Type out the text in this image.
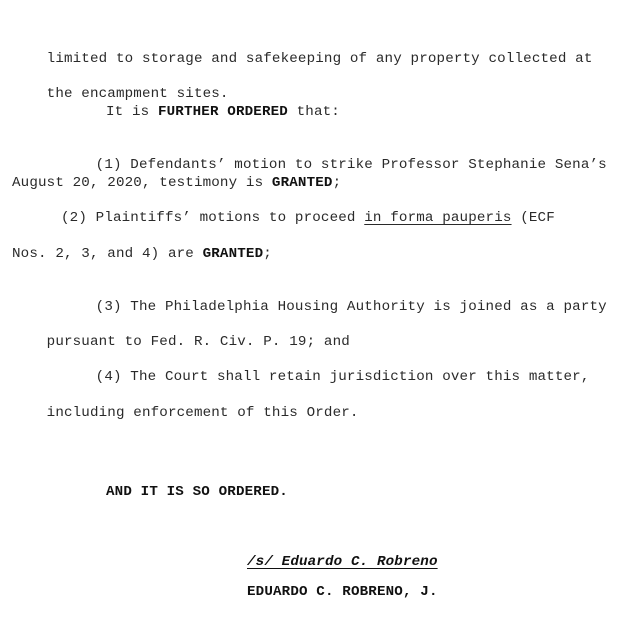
limited to storage and safekeeping of any property collected at

the encampment sites.

It is FURTHER ORDERED that:

(1) Defendants’ motion to strike Professor Stephanie Sena’s

August 20, 2020, testimony is GRANTED;
(2) Plaintiffs’ motions to proceed in forma pauperis (ECF
Nos. 2, 3, and 4) are GRANTED;

(3) The Philadelphia Housing Authority is joined as a party

pursuant to Fed. R. Civ. P. 19; and

(4) The Court shall retain jurisdiction over this matter,

including enforcement of this Order.

AND IT IS SO ORDERED.
/s/ Eduardo C. Robreno
EDUARDO C. ROBRENO, J.
